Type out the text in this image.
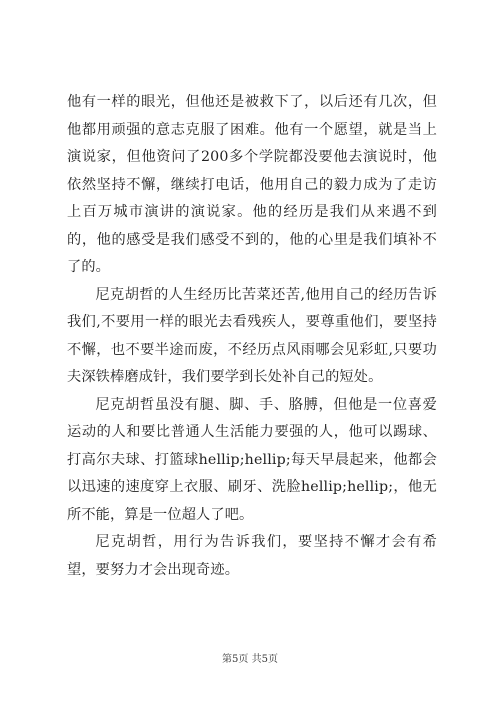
他有一样的眼光，但他还是被救下了，以后还有几次，但他都用顽强的意志克服了困难。他有一个愿望，就是当上演说家，但他资问了200多个学院都没要他去演说时，他依然坚持不懈，继续打电话，他用自己的毅力成为了走访上百万城市演讲的演说家。他的经历是我们从来遇不到的，他的感受是我们感受不到的，他的心里是我们填补不了的。

尼克胡哲的人生经历比苦菜还苦,他用自己的经历告诉我们,不要用一样的眼光去看残疾人，要尊重他们，要坚持不懈，也不要半途而废，不经历点风雨哪会见彩虹,只要功夫深铁棒磨成针，我们要学到长处补自己的短处。

尼克胡哲虽没有腿、脚、手、胳膊，但他是一位喜爱运动的人和要比普通人生活能力要强的人，他可以踢球、打高尔夫球、打篮球hellip;hellip;每天早晨起来，他都会以迅速的速度穿上衣服、刷牙、洗脸hellip;hellip;，他无所不能，算是一位超人了吧。

尼克胡哲，用行为告诉我们，要坚持不懈才会有希望，要努力才会出现奇迹。

第5页 共5页
